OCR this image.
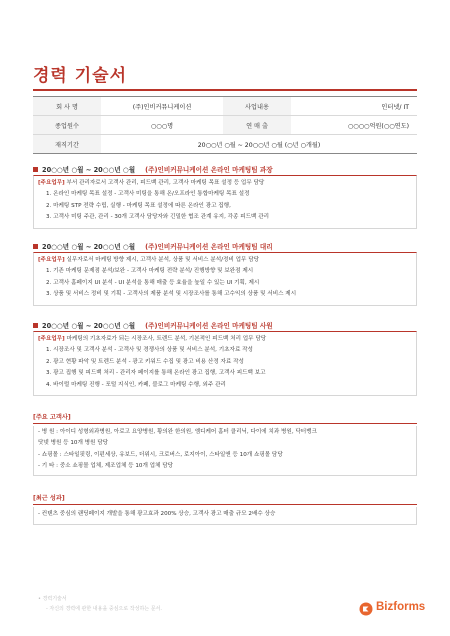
경력 기술서
회 사 명	(주)인비커뮤니케이션	사업내용	인터넷/ IT
종업원수	○○○명	연 매 출	○○○○억원(○○연도)
재직기간	20○○년 ○월 ~ 20○○년 ○월 (○년 ○개월)		
20○○년 ○월 ~ 20○○년 ○월 (주)인비커뮤니케이션 온라인 마케팅팀 과장
[주요업무] 부서 관리자로서 고객사 관리, 피드백 관리, 고객사 마케팅 목표 설정 등 업무 담당
1. 온라인 마케팅 목표 설정 - 고객사 미팅을 통해 온/오프라인 통합마케팅 목표 설정
2. 마케팅 STP 전략 수립, 실행 - 마케팅 목표 설정에 따른 온라인 광고 집행,
3. 고객사 미팅 주관, 관리 - 30개 고객사 담당자와 긴밀한 협조 관계 유지, 각종 피드백 관리
20○○년 ○월 ~ 20○○년 ○월 (주)인비커뮤니케이션 온라인 마케팅팀 대리
[주요업무] 실무자로서 마케팅 방향 제시, 고객사 분석, 상품 및 서비스 분석/정비 업무 담당
1. 기존 마케팅 문제점 분석/보완 - 고객사 마케팅 전략 분석/ 진행방향 및 보완점 제시
2. 고객사 홈페이지 UI 분석 - UI 분석을 통해 매출 등 효율을 높일 수 있는 UI 기획, 제시
3. 상품 및 서비스 정비 및 기획 - 고객사의 제품 분석 및 시장조사를 통해 고수익의 상품 및 서비스 제시
20○○년 ○월 ~ 20○○년 ○월 (주)인비커뮤니케이션 온라인 마케팅팀 사원
[주요업무] 마케팅의 기초자료가 되는 시장조사, 트렌드 분석, 기본적인 피드백 처리 업무 담당
1. 시장조사 및 고객사 분석 - 고객사 및 경쟁사의 상품 및 서비스 분석, 기초자료 작성
2. 광고 현황 파악 및 트렌드 분석 - 광고 키워드 수집 및 광고 비용 산정 자료 작성
3. 광고 집행 및 피드백 처리 - 관리자 페이지를 통해 온라인 광고 집행, 고객사 피드백 보고
4. 바이럴 마케팅 진행 - 포털 지식인, 카페, 블로그 마케팅 수행, 외주 관리
[주요 고객사]
- 병 원 : 아이디 성형외과병원, 아로고 요양병원, 황의완 한의원, 엠디케어 홈터 클리닉, 다이에 치과 병원, 닥터뱅크
닷넷 병원 등 10개 병원 담당
- 쇼핑몰 : 스타일핏링, 이펀세상, 유보드, 더위시, 크로버스, 로지아이, 스타일앤 등 10개 쇼핑몰 담당
- 기 타 : 중소 쇼핑몰 업체, 제조업체 등 10개 업체 담당
[최근 성과]
- 컨텐츠 중심의 랜딩페이지 개발을 통해 광고효과 200% 상승, 고객사 광고 매출 규모 2배수 상승
• 경력기술서
- 자신의 경력에 관한 내용을 중심으로 작성하는 문서.	Bizforms
